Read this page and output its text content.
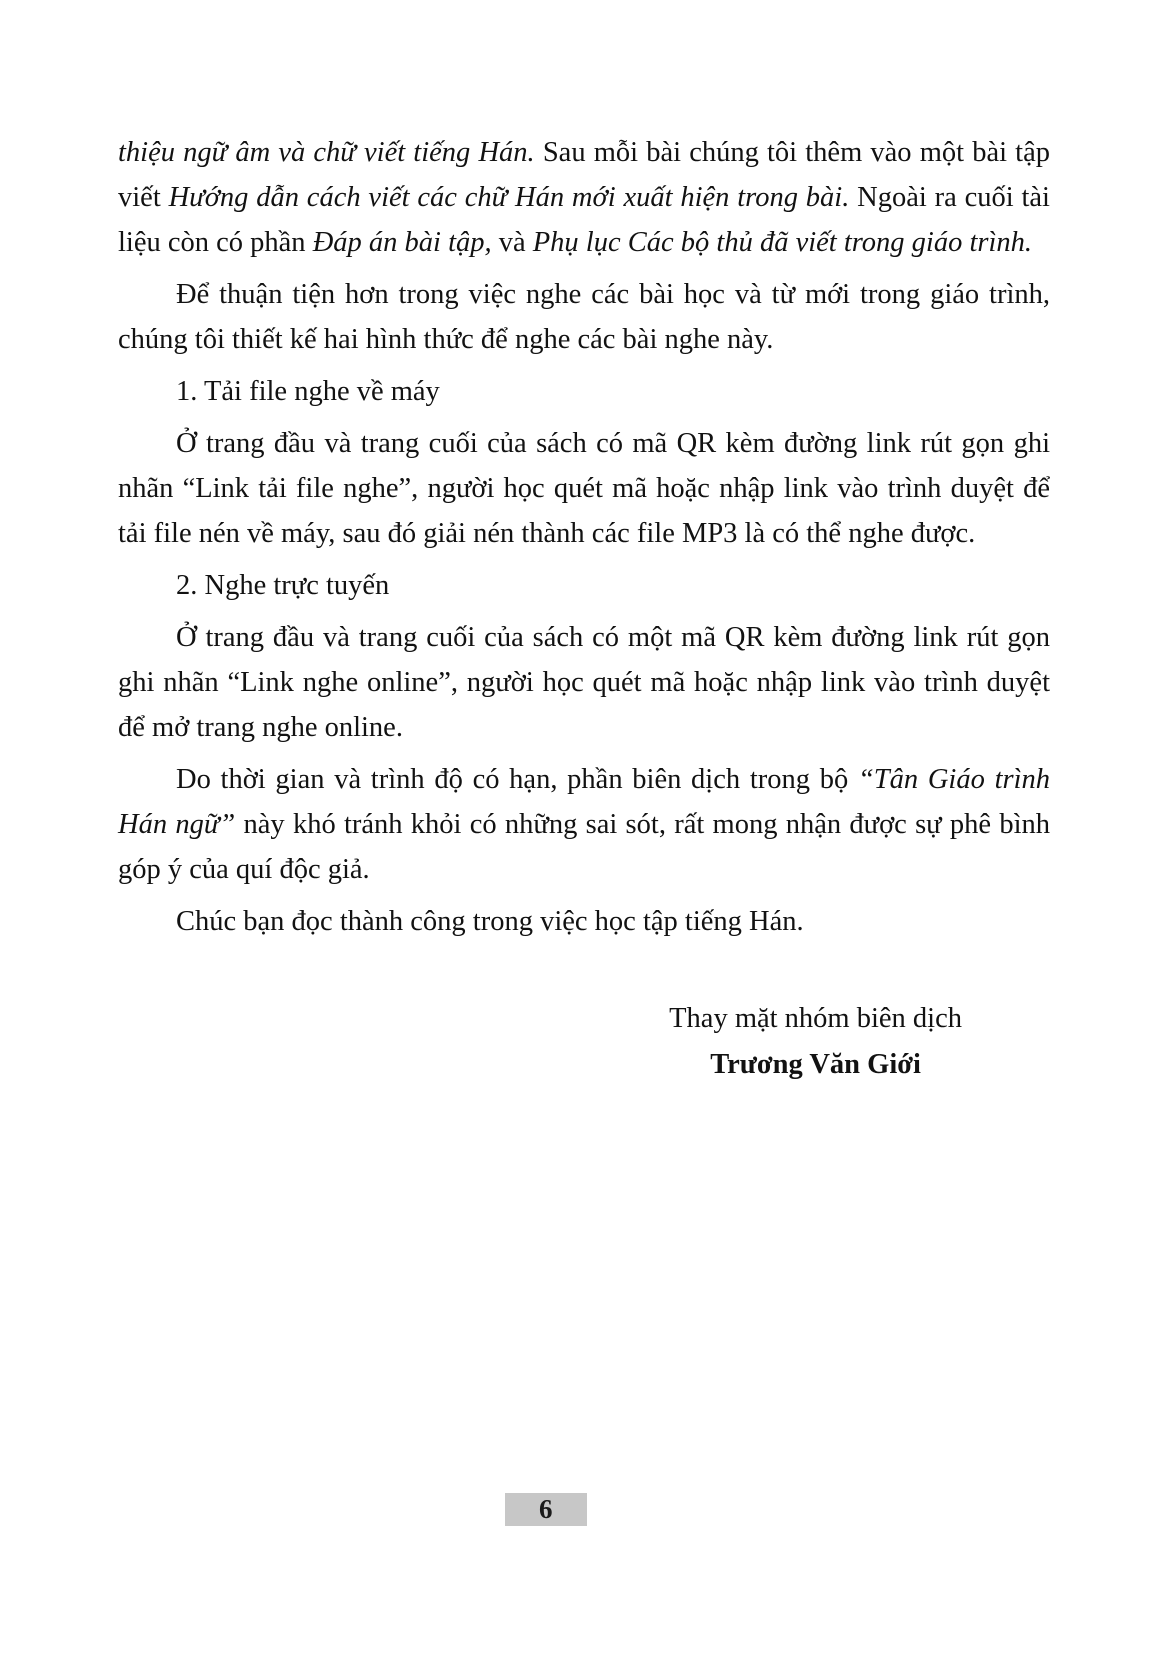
thiệu ngữ âm và chữ viết tiếng Hán. Sau mỗi bài chúng tôi thêm vào một bài tập viết Hướng dẫn cách viết các chữ Hán mới xuất hiện trong bài. Ngoài ra cuối tài liệu còn có phần Đáp án bài tập, và Phụ lục Các bộ thủ đã viết trong giáo trình.

Để thuận tiện hơn trong việc nghe các bài học và từ mới trong giáo trình, chúng tôi thiết kế hai hình thức để nghe các bài nghe này.

1. Tải file nghe về máy

Ở trang đầu và trang cuối của sách có mã QR kèm đường link rút gọn ghi nhãn “Link tải file nghe”, người học quét mã hoặc nhập link vào trình duyệt để tải file nén về máy, sau đó giải nén thành các file MP3 là có thể nghe được.

2. Nghe trực tuyến

Ở trang đầu và trang cuối của sách có một mã QR kèm đường link rút gọn ghi nhãn “Link nghe online”, người học quét mã hoặc nhập link vào trình duyệt để mở trang nghe online.

Do thời gian và trình độ có hạn, phần biên dịch trong bộ “Tân Giáo trình Hán ngữ” này khó tránh khỏi có những sai sót, rất mong nhận được sự phê bình góp ý của quí độc giả.

Chúc bạn đọc thành công trong việc học tập tiếng Hán.

Thay mặt nhóm biên dịch
Trương Văn Giới
6
